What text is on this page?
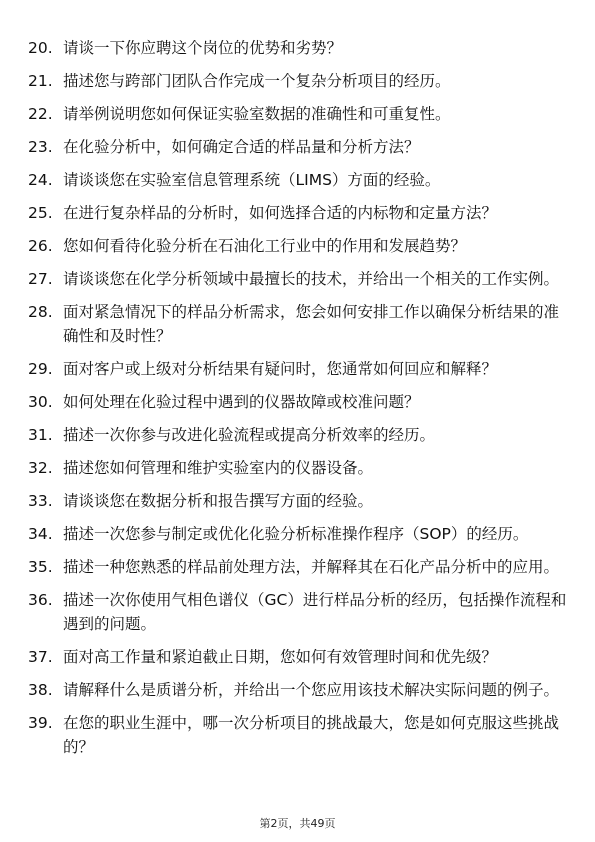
20. 请谈一下你应聘这个岗位的优势和劣势？
21. 描述您与跨部门团队合作完成一个复杂分析项目的经历。
22. 请举例说明您如何保证实验室数据的准确性和可重复性。
23. 在化验分析中，如何确定合适的样品量和分析方法？
24. 请谈谈您在实验室信息管理系统（LIMS）方面的经验。
25. 在进行复杂样品的分析时，如何选择合适的内标物和定量方法？
26. 您如何看待化验分析在石油化工行业中的作用和发展趋势？
27. 请谈谈您在化学分析领域中最擅长的技术，并给出一个相关的工作实例。
28. 面对紧急情况下的样品分析需求，您会如何安排工作以确保分析结果的准确性和及时性？
29. 面对客户或上级对分析结果有疑问时，您通常如何回应和解释？
30. 如何处理在化验过程中遇到的仪器故障或校准问题？
31. 描述一次你参与改进化验流程或提高分析效率的经历。
32. 描述您如何管理和维护实验室内的仪器设备。
33. 请谈谈您在数据分析和报告撰写方面的经验。
34. 描述一次您参与制定或优化化验分析标准操作程序（SOP）的经历。
35. 描述一种您熟悉的样品前处理方法，并解释其在石化产品分析中的应用。
36. 描述一次你使用气相色谱仪（GC）进行样品分析的经历，包括操作流程和遇到的问题。
37. 面对高工作量和紧迫截止日期，您如何有效管理时间和优先级？
38. 请解释什么是质谱分析，并给出一个您应用该技术解决实际问题的例子。
39. 在您的职业生涯中，哪一次分析项目的挑战最大，您是如何克服这些挑战的？
第2页，共49页
